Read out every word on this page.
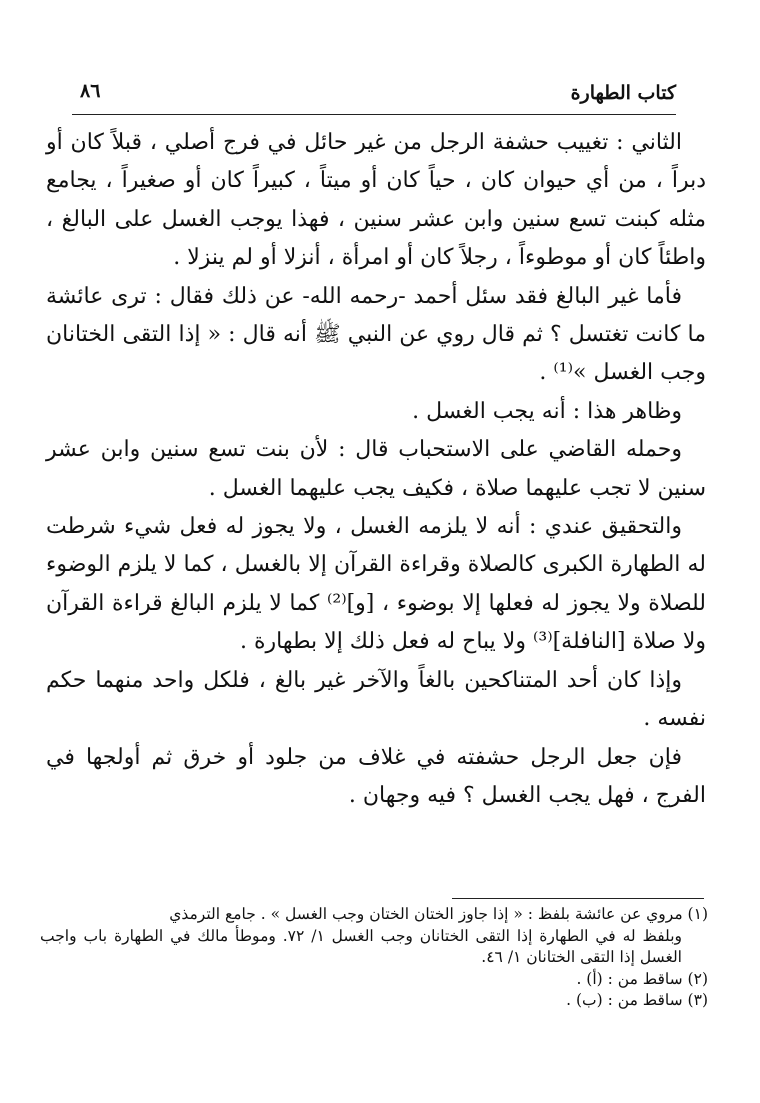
كتاب الطهارة
٨٦

الثاني : تغييب حشفة الرجل من غير حائل في فرج أصلي ، قبلاً كان أو دبراً ، من أي حيوان كان ، حياً كان أو ميتاً ، كبيراً كان أو صغيراً ، يجامع مثله كبنت تسع سنين وابن عشر سنين ، فهذا يوجب الغسل على البالغ ، واطئاً كان أو موطوءاً ، رجلاً كان أو امرأة ، أنزلا أو لم ينزلا .

فأما غير البالغ فقد سئل أحمد -رحمه الله- عن ذلك فقال : ترى عائشة ما كانت تغتسل ؟ ثم قال روي عن النبي ﷺ أنه قال : « إذا التقى الختانان وجب الغسل »⁽¹⁾ .

وظاهر هذا : أنه يجب الغسل .

وحمله القاضي على الاستحباب قال : لأن بنت تسع سنين وابن عشر سنين لا تجب عليهما صلاة ، فكيف يجب عليهما الغسل .

والتحقيق عندي : أنه لا يلزمه الغسل ، ولا يجوز له فعل شيء شرطت له الطهارة الكبرى كالصلاة وقراءة القرآن إلا بالغسل ، كما لا يلزم الوضوء للصلاة ولا يجوز له فعلها إلا بوضوء ، [و]⁽²⁾ كما لا يلزم البالغ قراءة القرآن ولا صلاة [النافلة]⁽³⁾ ولا يباح له فعل ذلك إلا بطهارة .

وإذا كان أحد المتناكحين بالغاً والآخر غير بالغ ، فلكل واحد منهما حكم نفسه .

فإن جعل الرجل حشفته في غلاف من جلود أو خرق ثم أولجها في الفرج ، فهل يجب الغسل ؟ فيه وجهان .

(١) مروي عن عائشة بلفظ : « إذا جاوز الختان الختان وجب الغسل » . جامع الترمذي

وبلفظ له في الطهارة إذا التقى الختانان وجب الغسل ١/ ٧٢. وموطأ مالك في الطهارة باب واجب الغسل إذا التقى الختانان ١/ ٤٦.

(٢) ساقط من : (أ) .

(٣) ساقط من : (ب) .
